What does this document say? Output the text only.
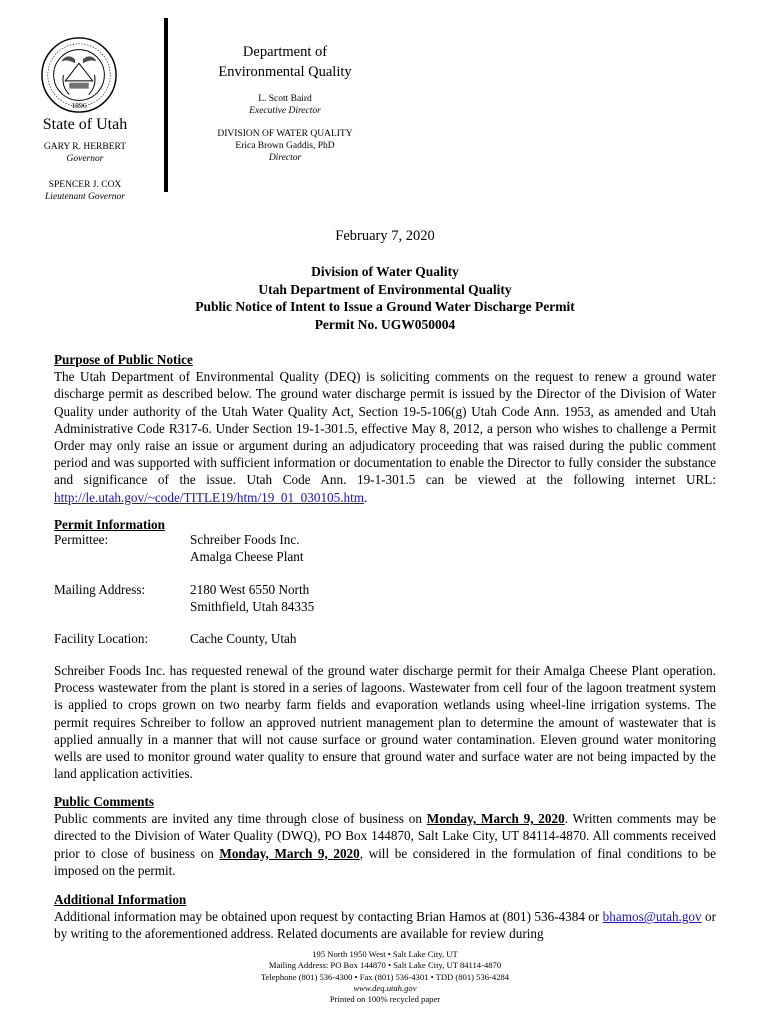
1896
State of Utah
GARY R. HERBERT
Governor
SPENCER J. COX
Lieutenant Governor
Department of
Environmental Quality
L. Scott Baird
Executive Director
DIVISION OF WATER QUALITY
Erica Brown Gaddis, PhD
Director
February 7, 2020
Division of Water Quality
Utah Department of Environmental Quality
Public Notice of Intent to Issue a Ground Water Discharge Permit
Permit No. UGW050004
Purpose of Public Notice
The Utah Department of Environmental Quality (DEQ) is soliciting comments on the request to renew a ground water discharge permit as described below. The ground water discharge permit is issued by the Director of the Division of Water Quality under authority of the Utah Water Quality Act, Section 19-5-106(g) Utah Code Ann. 1953, as amended and Utah Administrative Code R317-6. Under Section 19-1-301.5, effective May 8, 2012, a person who wishes to challenge a Permit Order may only raise an issue or argument during an adjudicatory proceeding that was raised during the public comment period and was supported with sufficient information or documentation to enable the Director to fully consider the substance and significance of the issue. Utah Code Ann. 19-1-301.5 can be viewed at the following internet URL: http://le.utah.gov/~code/TITLE19/htm/19_01_030105.htm.
Permit Information
Permittee:	Schreiber Foods Inc.
Amalga Cheese Plant
Mailing Address:	2180 West 6550 North
Smithfield, Utah 84335
Facility Location:	Cache County, Utah
Schreiber Foods Inc. has requested renewal of the ground water discharge permit for their Amalga Cheese Plant operation. Process wastewater from the plant is stored in a series of lagoons. Wastewater from cell four of the lagoon treatment system is applied to crops grown on two nearby farm fields and evaporation wetlands using wheel-line irrigation systems. The permit requires Schreiber to follow an approved nutrient management plan to determine the amount of wastewater that is applied annually in a manner that will not cause surface or ground water contamination. Eleven ground water monitoring wells are used to monitor ground water quality to ensure that ground water and surface water are not being impacted by the land application activities.
Public Comments
Public comments are invited any time through close of business on Monday, March 9, 2020. Written comments may be directed to the Division of Water Quality (DWQ), PO Box 144870, Salt Lake City, UT 84114-4870. All comments received prior to close of business on Monday, March 9, 2020, will be considered in the formulation of final conditions to be imposed on the permit.
Additional Information
Additional information may be obtained upon request by contacting Brian Hamos at (801) 536-4384 or bhamos@utah.gov or by writing to the aforementioned address. Related documents are available for review during
195 North 1950 West • Salt Lake City, UT
Mailing Address: PO Box 144870 • Salt Lake City, UT 84114-4870
Telephone (801) 536-4300 • Fax (801) 536-4301 • TDD (801) 536-4284
www.deq.utah.gov
Printed on 100% recycled paper
